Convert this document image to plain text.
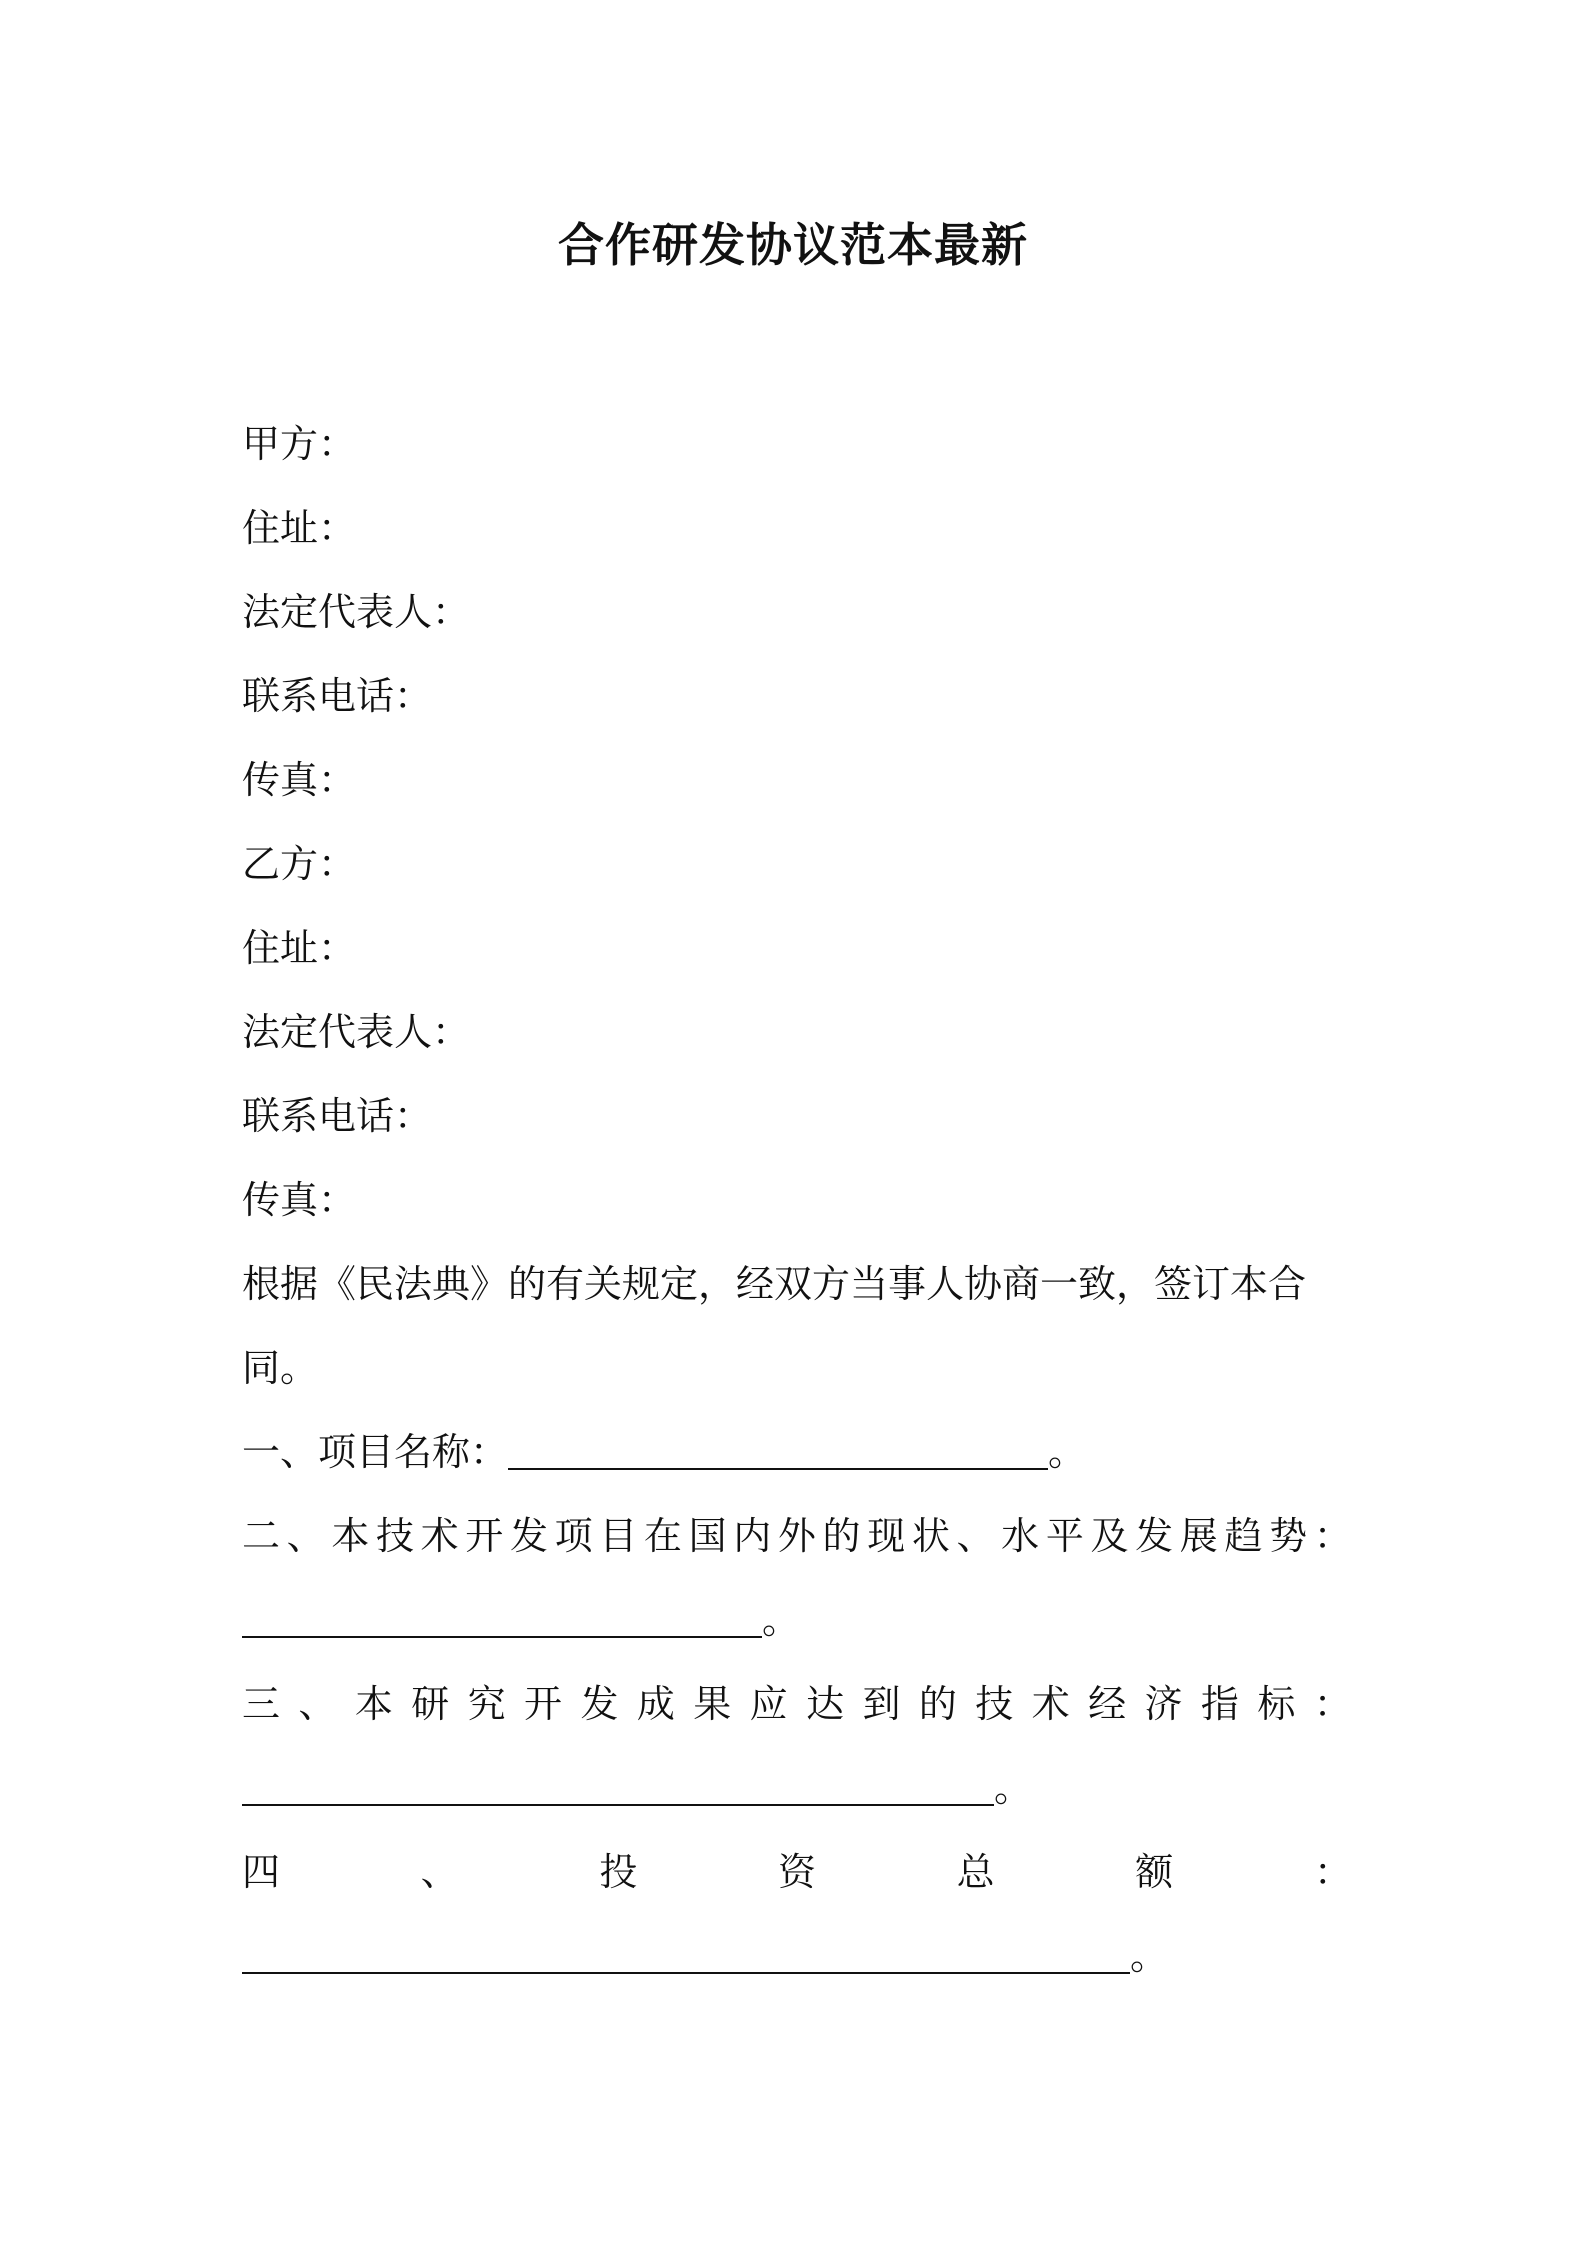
合作研发协议范本最新
甲方：
住址：
法定代表人：
联系电话：
传真：
乙方：
住址：
法定代表人：
联系电话：
传真：
根据《民法典》的有关规定，经双方当事人协商一致，签订本合
同。
一、项目名称：	。
二 、 本 技 术 开 发 项 目 在 国 内 外 的 现 状 、 水 平 及 发 展 趋 势 ：
。
三 、 本 研 究 开 发 成 果 应 达 到 的 技 术 经 济 指 标 ：
。
四	、	投	资	总	额	：
。
